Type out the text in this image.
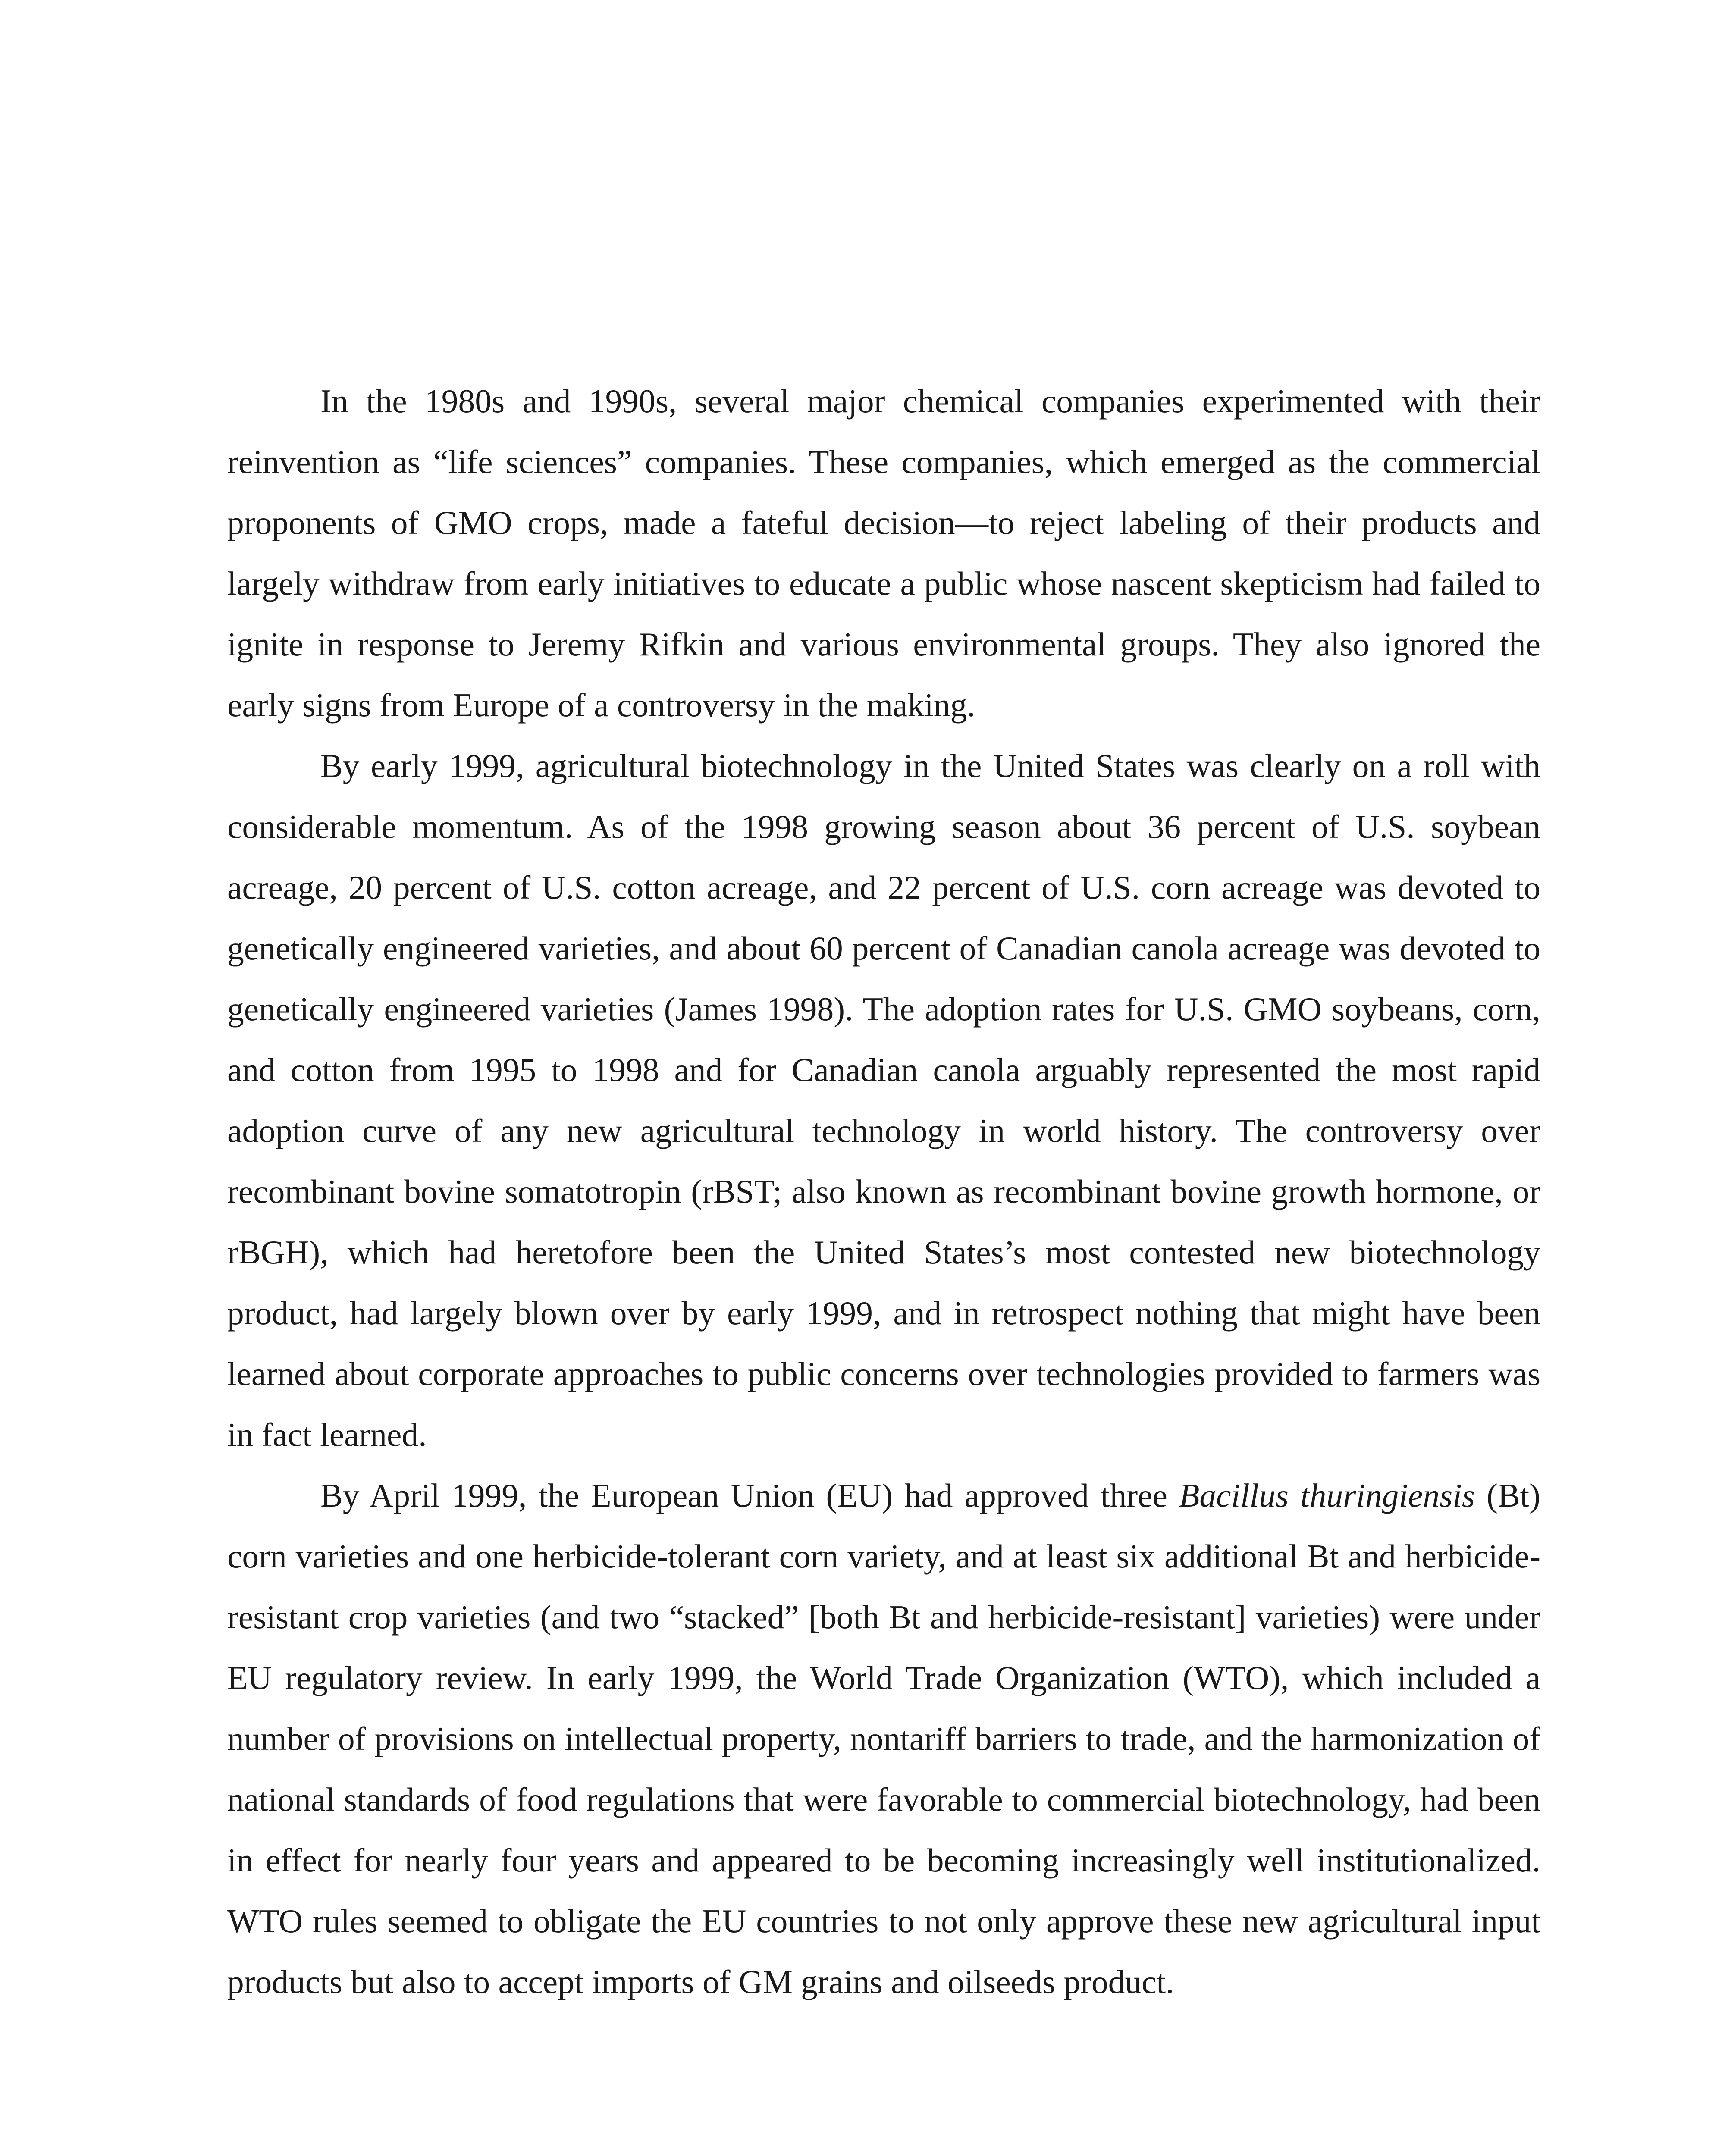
In the 1980s and 1990s, several major chemical companies experimented with their reinvention as “life sciences” companies. These companies, which emerged as the commercial proponents of GMO crops, made a fateful decision—to reject labeling of their products and largely withdraw from early initiatives to educate a public whose nascent skepticism had failed to ignite in response to Jeremy Rifkin and various environmental groups. They also ignored the early signs from Europe of a controversy in the making.

By early 1999, agricultural biotechnology in the United States was clearly on a roll with considerable momentum. As of the 1998 growing season about 36 percent of U.S. soybean acreage, 20 percent of U.S. cotton acreage, and 22 percent of U.S. corn acreage was devoted to genetically engineered varieties, and about 60 percent of Canadian canola acreage was devoted to genetically engineered varieties (James 1998). The adoption rates for U.S. GMO soybeans, corn, and cotton from 1995 to 1998 and for Canadian canola arguably represented the most rapid adoption curve of any new agricultural technology in world history. The controversy over recombinant bovine somatotropin (rBST; also known as recombinant bovine growth hormone, or rBGH), which had heretofore been the United States’s most contested new biotechnology product, had largely blown over by early 1999, and in retrospect nothing that might have been learned about corporate approaches to public concerns over technologies provided to farmers was in fact learned.

By April 1999, the European Union (EU) had approved three Bacillus thuringiensis (Bt) corn varieties and one herbicide-tolerant corn variety, and at least six additional Bt and herbicide-resistant crop varieties (and two “stacked” [both Bt and herbicide-resistant] varieties) were under EU regulatory review. In early 1999, the World Trade Organization (WTO), which included a number of provisions on intellectual property, nontariff barriers to trade, and the harmonization of national standards of food regulations that were favorable to commercial biotechnology, had been in effect for nearly four years and appeared to be becoming increasingly well institutionalized. WTO rules seemed to obligate the EU countries to not only approve these new agricultural input products but also to accept imports of GM grains and oilseeds product.
